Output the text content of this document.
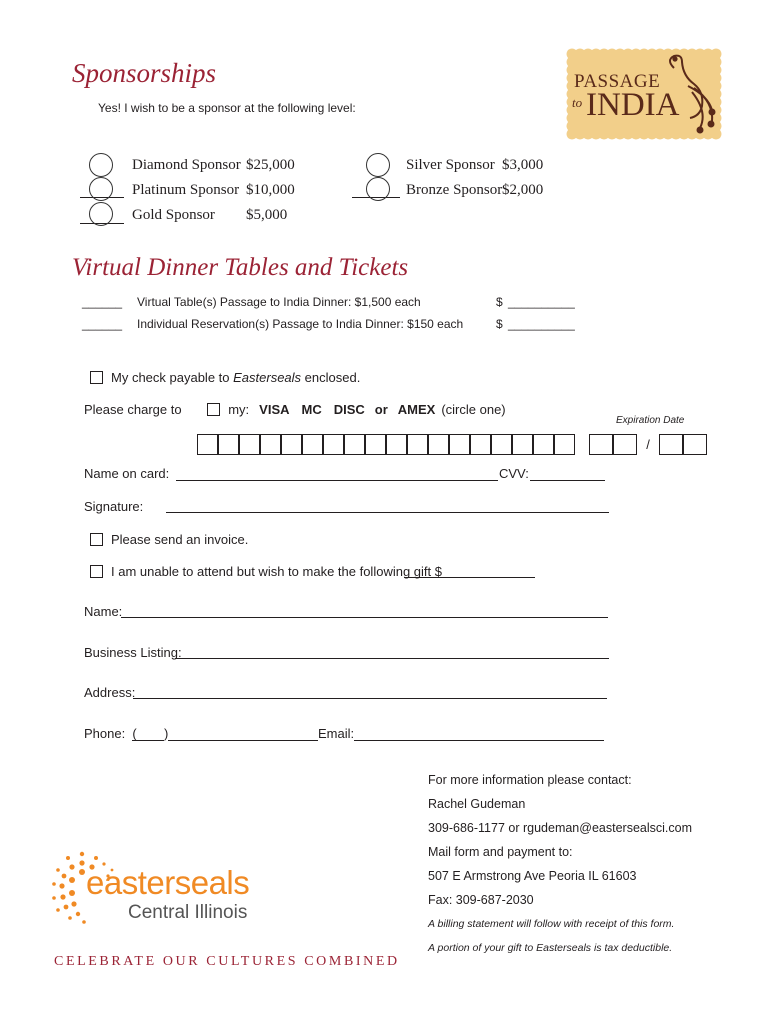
Sponsorships
Yes! I wish to be a sponsor at the following level:
PASSAGE
to INDIA
Diamond Sponsor $25,000
Platinum Sponsor $10,000
Gold Sponsor $5,000
Silver Sponsor $3,000
Bronze Sponsor $2,000
Virtual Dinner Tables and Tickets
______ Virtual Table(s) Passage to India Dinner: $1,500 each	$ __________
______ Individual Reservation(s) Passage to India Dinner: $150 each	$ __________
My check payable to Easterseals enclosed.
Please charge to	my: VISA MC DISC or AMEX (circle one)
Expiration Date
/
Name on card:	CVV:
Signature:
Please send an invoice.
I am unable to attend but wish to make the following gift $
Name:
Business Listing:
Address:
Phone:  ( )	Email:
For more information please contact:
Rachel Gudeman
309-686-1177 or rgudeman@eastersealsci.com
Mail form and payment to:
507 E Armstrong Ave Peoria IL 61603
Fax: 309-687-2030
A billing statement will follow with receipt of this form.
A portion of your gift to Easterseals is tax deductible.
easterseals
Central Illinois
CELEBRATE OUR CULTURES COMBINED
